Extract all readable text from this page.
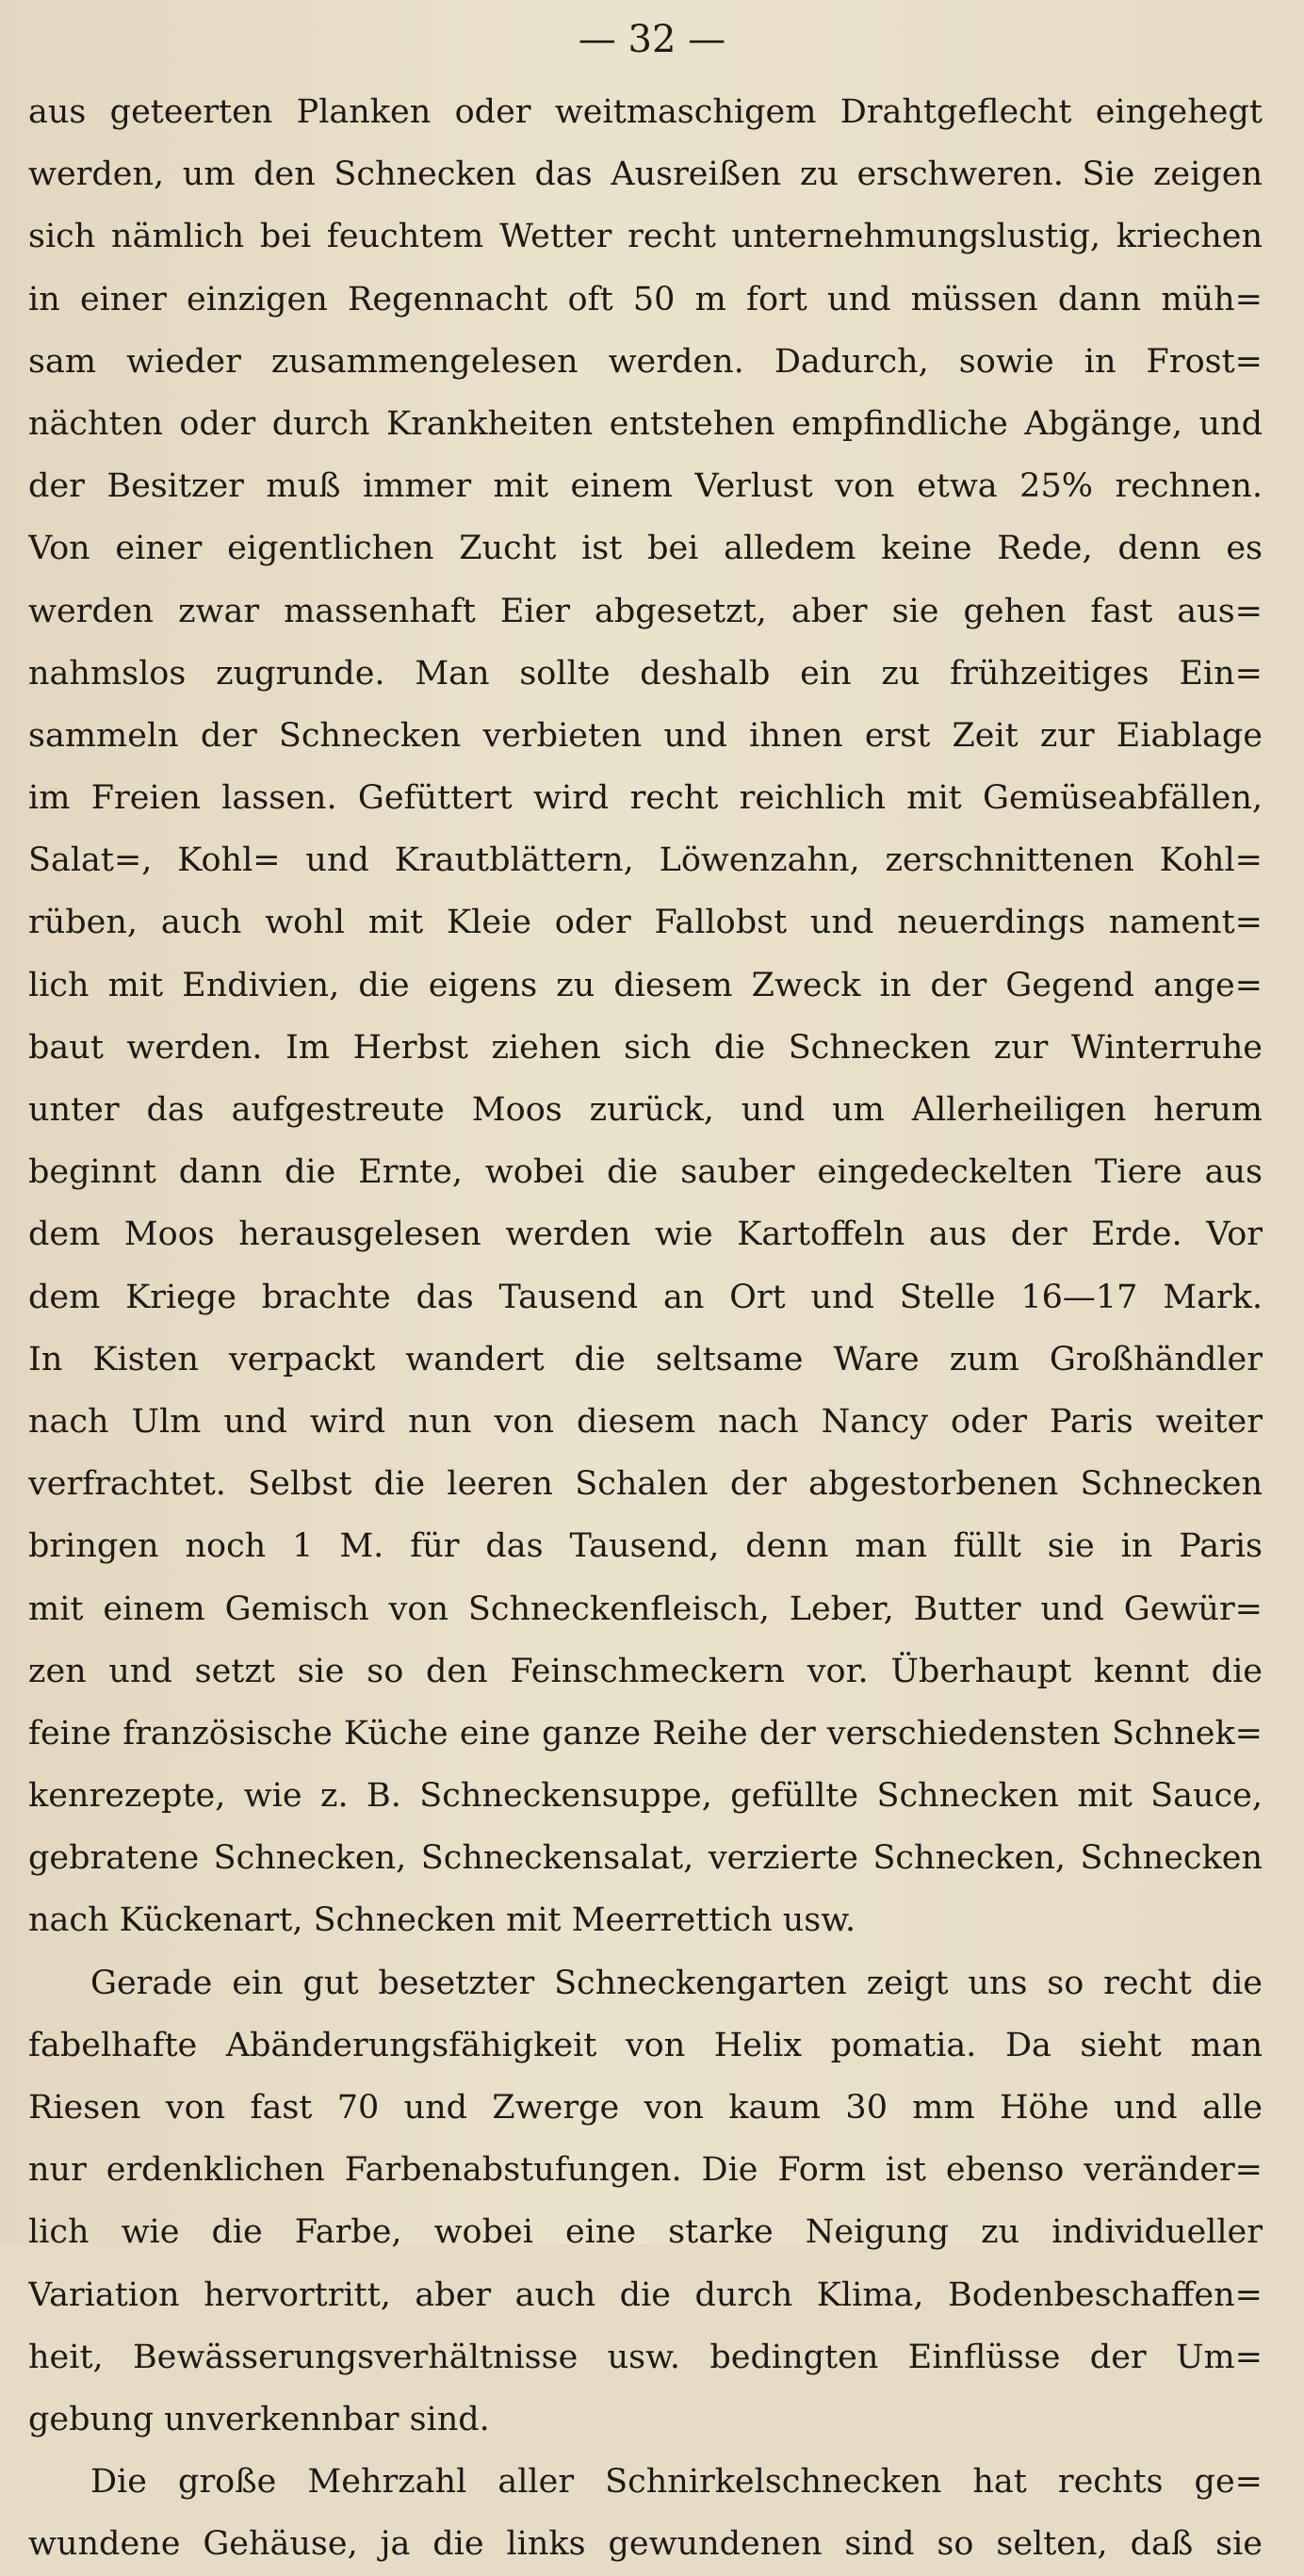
— 32 —
aus geteerten Planken oder weitmaschigem Drahtgeflecht eingehegt
werden, um den Schnecken das Ausreißen zu erschweren. Sie zeigen
sich nämlich bei feuchtem Wetter recht unternehmungslustig, kriechen
in einer einzigen Regennacht oft 50 m fort und müssen dann müh=
sam wieder zusammengelesen werden. Dadurch, sowie in Frost=
nächten oder durch Krankheiten entstehen empfindliche Abgänge, und
der Besitzer muß immer mit einem Verlust von etwa 25% rechnen.
Von einer eigentlichen Zucht ist bei alledem keine Rede, denn es
werden zwar massenhaft Eier abgesetzt, aber sie gehen fast aus=
nahmslos zugrunde. Man sollte deshalb ein zu frühzeitiges Ein=
sammeln der Schnecken verbieten und ihnen erst Zeit zur Eiablage
im Freien lassen. Gefüttert wird recht reichlich mit Gemüseabfällen,
Salat=, Kohl= und Krautblättern, Löwenzahn, zerschnittenen Kohl=
rüben, auch wohl mit Kleie oder Fallobst und neuerdings nament=
lich mit Endivien, die eigens zu diesem Zweck in der Gegend ange=
baut werden. Im Herbst ziehen sich die Schnecken zur Winterruhe
unter das aufgestreute Moos zurück, und um Allerheiligen herum
beginnt dann die Ernte, wobei die sauber eingedeckelten Tiere aus
dem Moos herausgelesen werden wie Kartoffeln aus der Erde. Vor
dem Kriege brachte das Tausend an Ort und Stelle 16—17 Mark.
In Kisten verpackt wandert die seltsame Ware zum Großhändler
nach Ulm und wird nun von diesem nach Nancy oder Paris weiter
verfrachtet. Selbst die leeren Schalen der abgestorbenen Schnecken
bringen noch 1 M. für das Tausend, denn man füllt sie in Paris
mit einem Gemisch von Schneckenfleisch, Leber, Butter und Gewür=
zen und setzt sie so den Feinschmeckern vor. Überhaupt kennt die
feine französische Küche eine ganze Reihe der verschiedensten Schnek=
kenrezepte, wie z. B. Schneckensuppe, gefüllte Schnecken mit Sauce,
gebratene Schnecken, Schneckensalat, verzierte Schnecken, Schnecken
nach Kückenart, Schnecken mit Meerrettich usw.
Gerade ein gut besetzter Schneckengarten zeigt uns so recht die
fabelhafte Abänderungsfähigkeit von Helix pomatia. Da sieht man
Riesen von fast 70 und Zwerge von kaum 30 mm Höhe und alle
nur erdenklichen Farbenabstufungen. Die Form ist ebenso veränder=
lich wie die Farbe, wobei eine starke Neigung zu individueller
Variation hervortritt, aber auch die durch Klima, Bodenbeschaffen=
heit, Bewässerungsverhältnisse usw. bedingten Einflüsse der Um=
gebung unverkennbar sind.
Die große Mehrzahl aller Schnirkelschnecken hat rechts ge=
wundene Gehäuse, ja die links gewundenen sind so selten, daß sie
